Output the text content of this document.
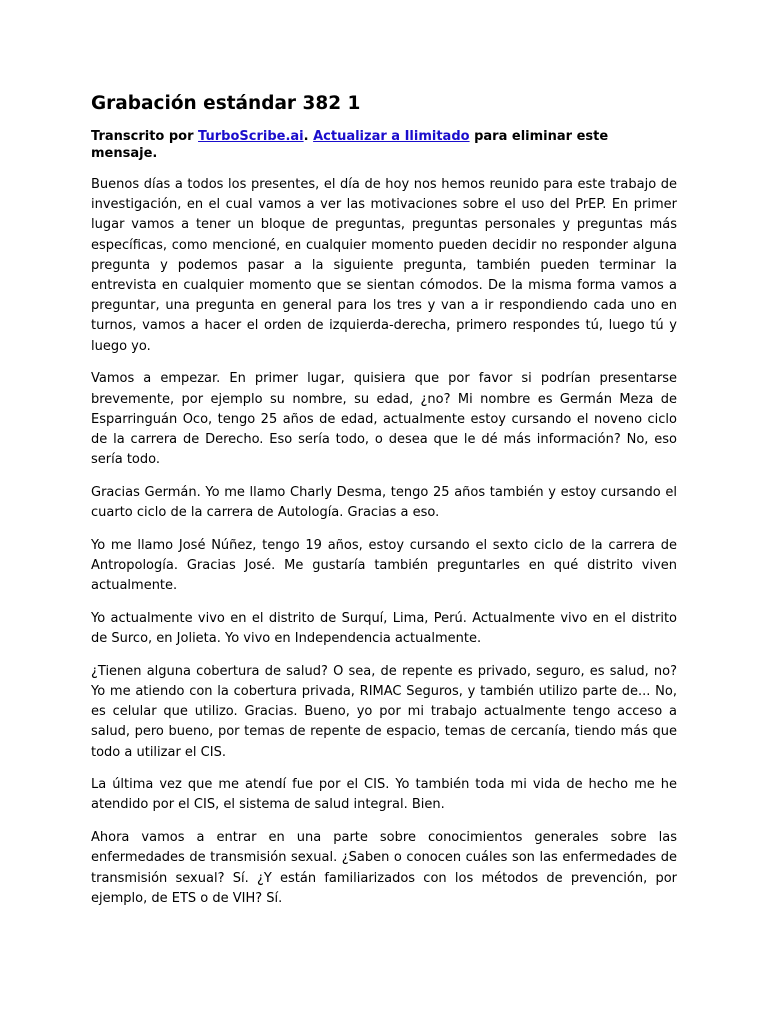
Grabación estándar 382 1

Transcrito por TurboScribe.ai. Actualizar a Ilimitado para eliminar este mensaje.

Buenos días a todos los presentes, el día de hoy nos hemos reunido para este trabajo de investigación, en el cual vamos a ver las motivaciones sobre el uso del PrEP. En primer lugar vamos a tener un bloque de preguntas, preguntas personales y preguntas más específicas, como mencioné, en cualquier momento pueden decidir no responder alguna pregunta y podemos pasar a la siguiente pregunta, también pueden terminar la entrevista en cualquier momento que se sientan cómodos. De la misma forma vamos a preguntar, una pregunta en general para los tres y van a ir respondiendo cada uno en turnos, vamos a hacer el orden de izquierda-derecha, primero respondes tú, luego tú y luego yo.

Vamos a empezar. En primer lugar, quisiera que por favor si podrían presentarse brevemente, por ejemplo su nombre, su edad, ¿no? Mi nombre es Germán Meza de Esparringuán Oco, tengo 25 años de edad, actualmente estoy cursando el noveno ciclo de la carrera de Derecho. Eso sería todo, o desea que le dé más información? No, eso sería todo.

Gracias Germán. Yo me llamo Charly Desma, tengo 25 años también y estoy cursando el cuarto ciclo de la carrera de Autología. Gracias a eso.

Yo me llamo José Núñez, tengo 19 años, estoy cursando el sexto ciclo de la carrera de Antropología. Gracias José. Me gustaría también preguntarles en qué distrito viven actualmente.

Yo actualmente vivo en el distrito de Surquí, Lima, Perú. Actualmente vivo en el distrito de Surco, en Jolieta. Yo vivo en Independencia actualmente.

¿Tienen alguna cobertura de salud? O sea, de repente es privado, seguro, es salud, no? Yo me atiendo con la cobertura privada, RIMAC Seguros, y también utilizo parte de... No, es celular que utilizo. Gracias. Bueno, yo por mi trabajo actualmente tengo acceso a salud, pero bueno, por temas de repente de espacio, temas de cercanía, tiendo más que todo a utilizar el CIS.

La última vez que me atendí fue por el CIS. Yo también toda mi vida de hecho me he atendido por el CIS, el sistema de salud integral. Bien.

Ahora vamos a entrar en una parte sobre conocimientos generales sobre las enfermedades de transmisión sexual. ¿Saben o conocen cuáles son las enfermedades de transmisión sexual? Sí. ¿Y están familiarizados con los métodos de prevención, por ejemplo, de ETS o de VIH? Sí.
